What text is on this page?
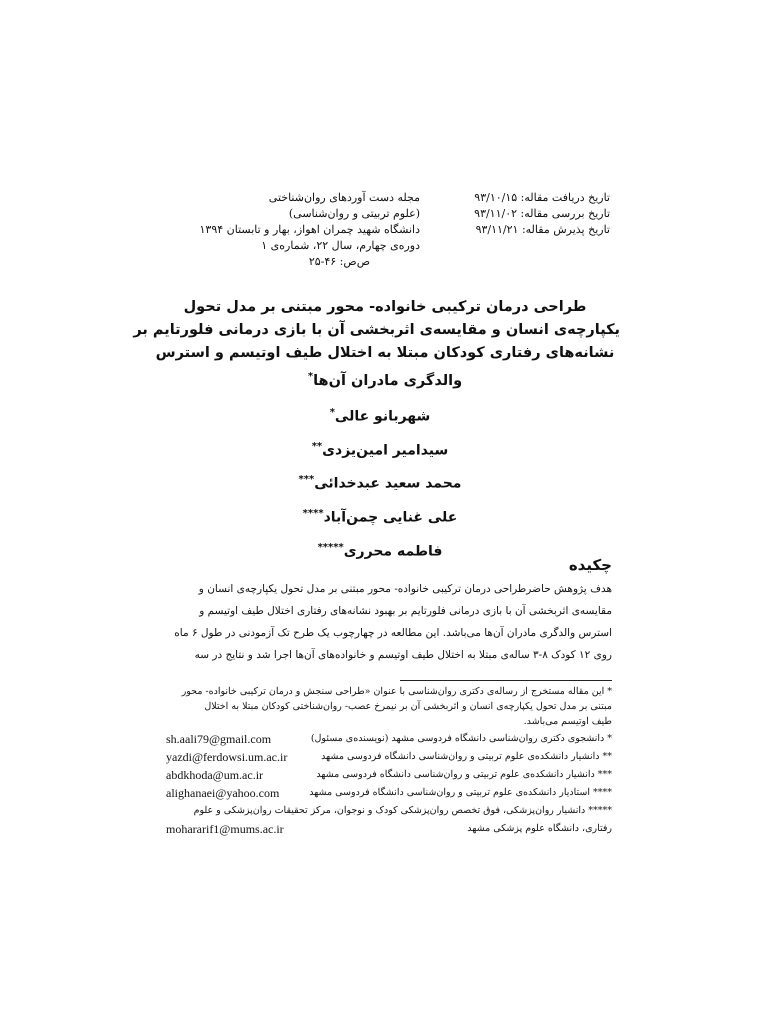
مجله دست آوردهای روان‌شناختی
(علوم تربیتی و روان‌شناسی)
دانشگاه شهید چمران اهواز، بهار و تابستان ۱۳۹۴
دوره‌ی چهارم، سال ۲۲، شماره‌ی ۱
ص‌ص: ۴۶-۲۵
تاریخ دریافت مقاله: ۹۳/۱۰/۱۵
تاریخ بررسی مقاله: ۹۳/۱۱/۰۲
تاریخ پذیرش مقاله: ۹۳/۱۱/۲۱
طراحی درمان ترکیبی خانواده- محور مبتنی بر مدل تحول
یکپارچه‌ی انسان و مقایسه‌ی اثربخشی آن با بازی درمانی فلورتایم بر
نشانه‌های رفتاری کودکان مبتلا به اختلال طیف اوتیسم و استرس
والدگری مادران آن‌ها*
شهربانو عالی*
سیدامیر امین‌یزدی**
محمد سعید عبدخدائی***
علی غنایی چمن‌آباد****
فاطمه محرری*****
چکیده
هدف پژوهش حاضرطراحی درمان ترکیبی خانواده- محور مبتنی بر مدل تحول یکپارچه‌ی انسان و
مقایسه‌ی اثربخشی آن با بازی درمانی فلورتایم بر بهبود نشانه‌های رفتاری اختلال طیف اوتیسم و
استرس والدگری مادران آن‌ها می‌باشد. این مطالعه در چهارچوب یک طرح تک آزمودنی در طول ۶ ماه
روی ۱۲ کودک ۸-۳ ساله‌ی مبتلا به اختلال طیف اوتیسم و خانواده‌های آن‌ها اجرا شد و نتایج در سه
* این مقاله مستخرج از رساله‌ی دکتری روان‌شناسی با عنوان «طراحی سنجش و درمان ترکیبی خانواده- محور
مبتنی بر مدل تحول یکپارچه‌ی انسان و اثربخشی آن بر نیمرخ عصب- روان‌شناختی کودکان مبتلا به اختلال
طیف اوتیسم می‌باشد.
* دانشجوی دکتری روان‌شناسی دانشگاه فردوسی مشهد (نویسنده‌ی مسئول)
** دانشیار دانشکده‌ی علوم تربیتی و روان‌شناسی دانشگاه فردوسی مشهد
*** دانشیار دانشکده‌ی علوم تربیتی و روان‌شناسی دانشگاه فردوسی مشهد
**** استادیار دانشکده‌ی علوم تربیتی و روان‌شناسی دانشگاه فردوسی مشهد
***** دانشیار روان‌پزشکی، فوق تخصص روان‌پزشکی کودک و نوجوان، مرکز تحقیقات روان‌پزشکی و علوم
رفتاری، دانشگاه علوم پزشکی مشهد
sh.aali79@gmail.com
yazdi@ferdowsi.um.ac.ir
abdkhoda@um.ac.ir
alighanaei@yahoo.com
mohararif1@mums.ac.ir
